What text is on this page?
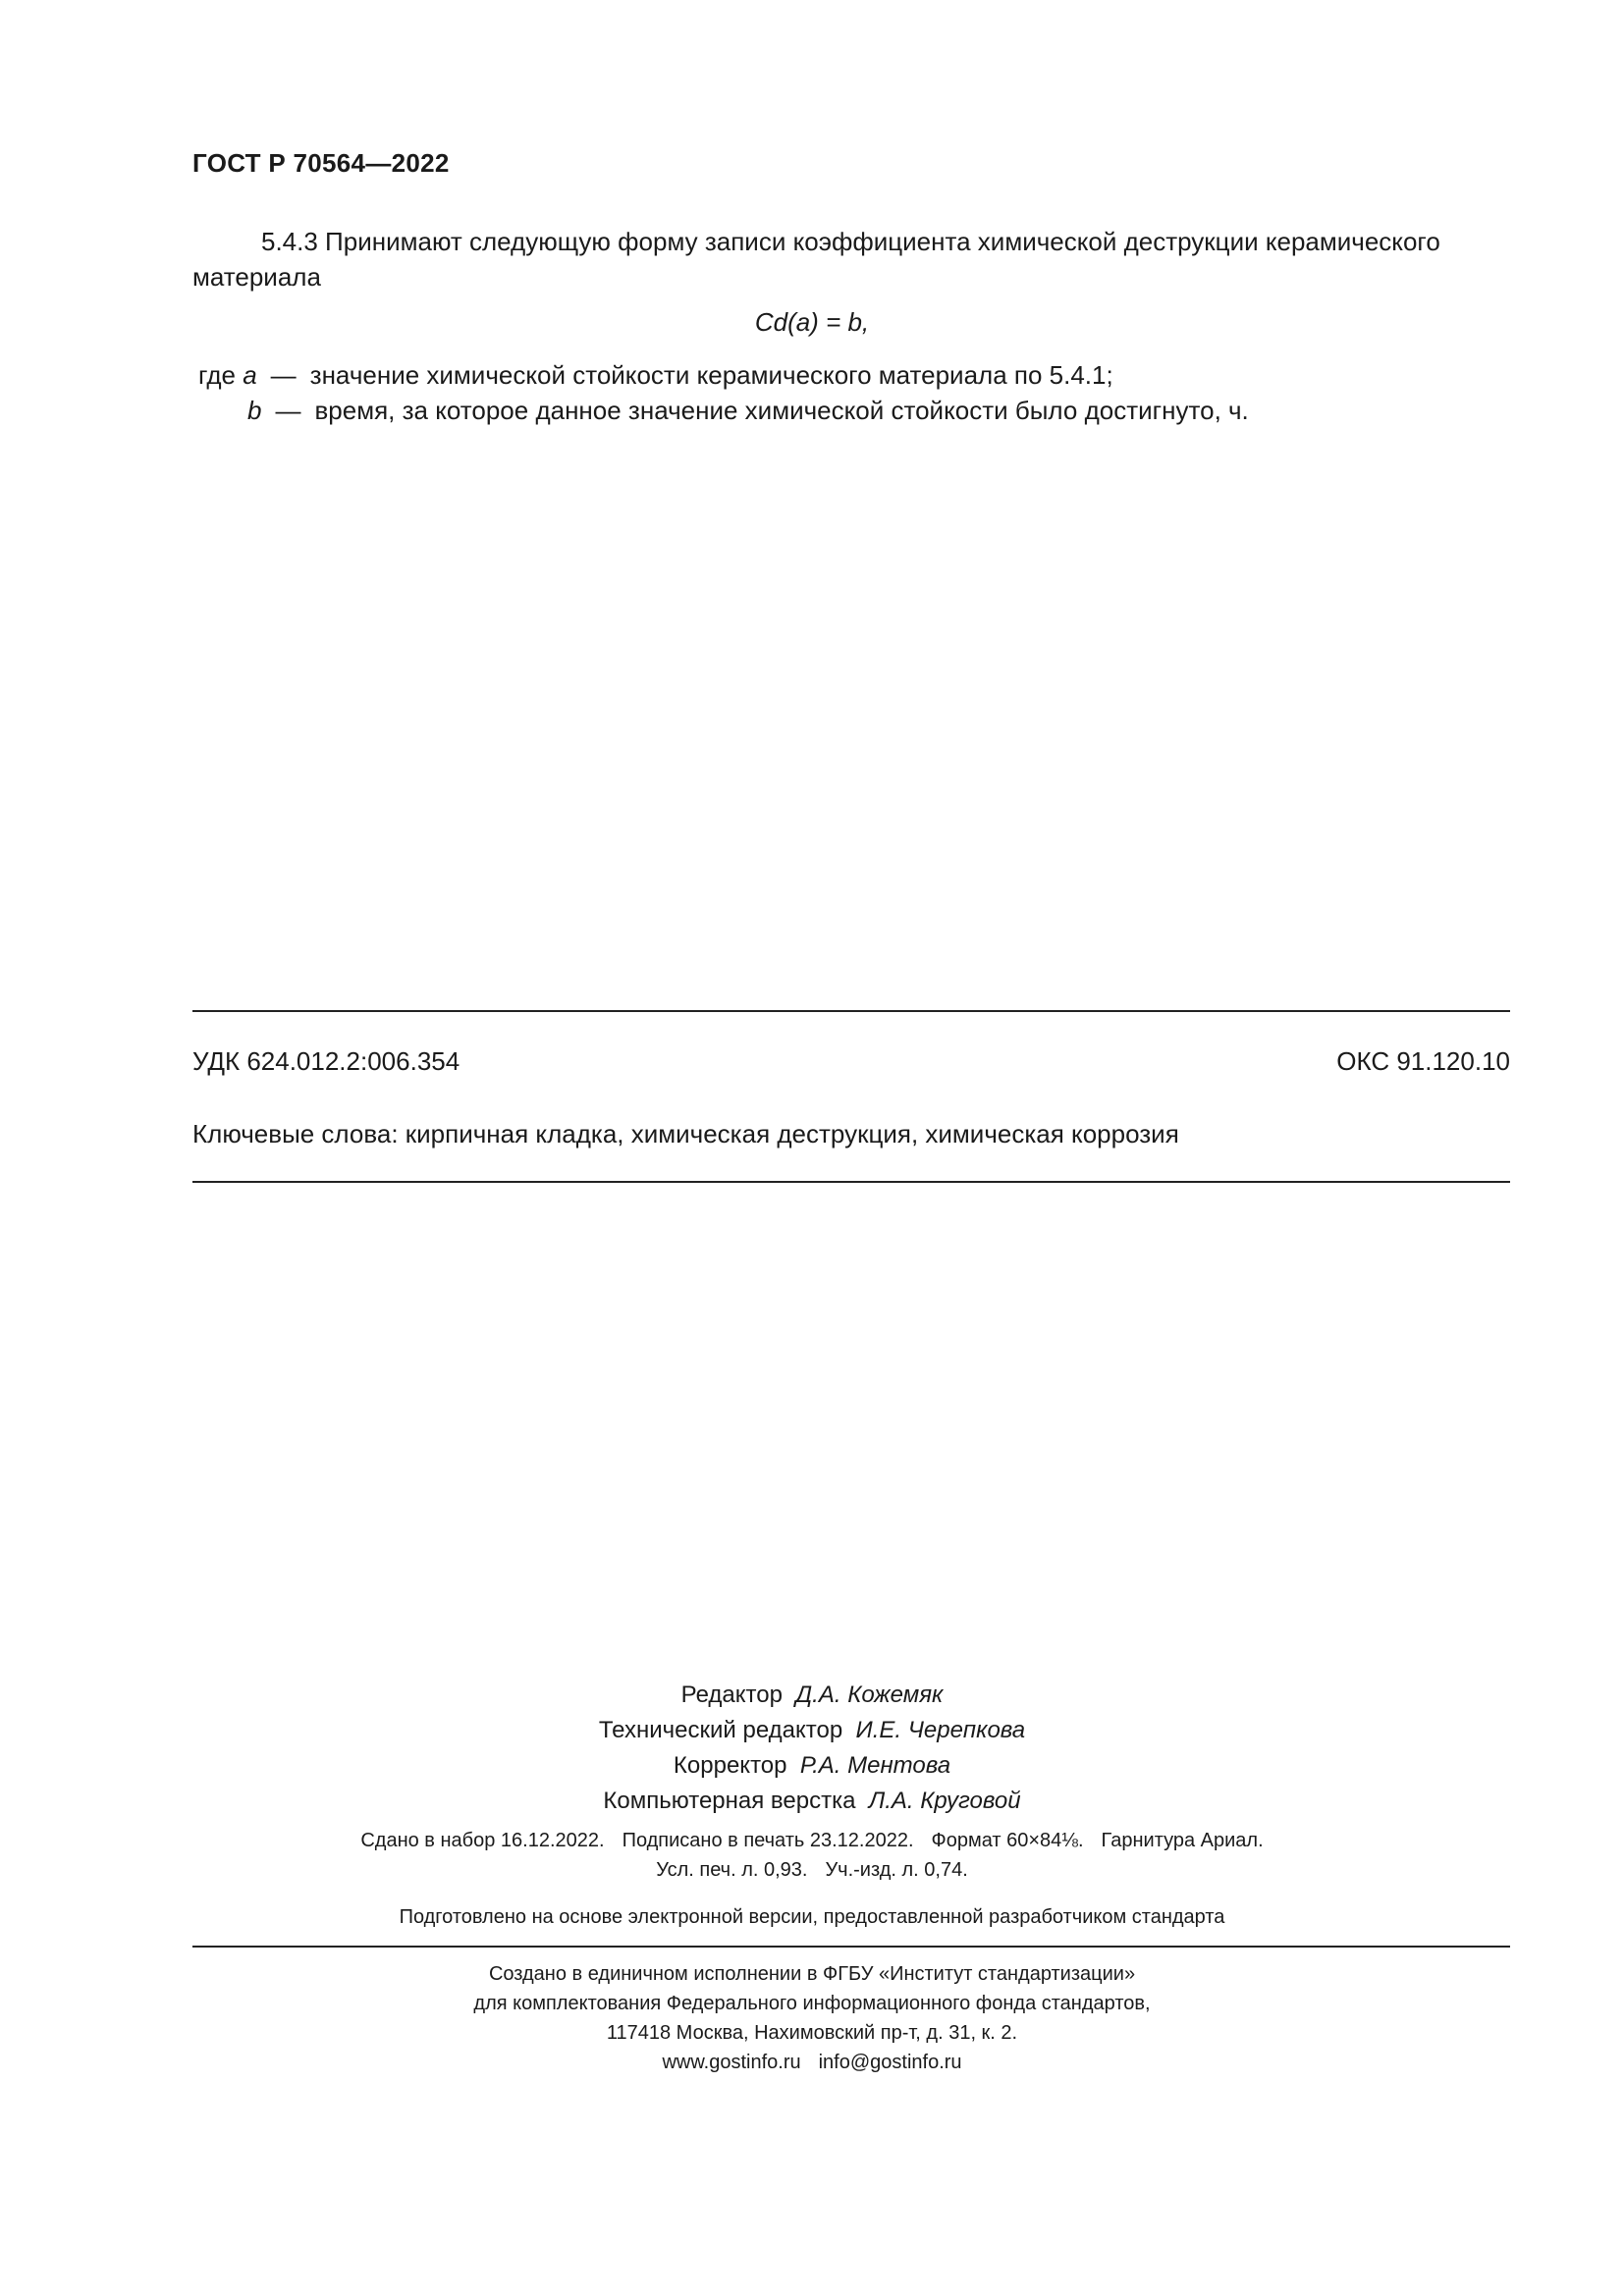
ГОСТ Р 70564—2022
5.4.3 Принимают следующую форму записи коэффициента химической деструкции керамического материала
Cd(a) = b,
где a — значение химической стойкости керамического материала по 5.4.1;
b — время, за которое данное значение химической стойкости было достигнуто, ч.
УДК 624.012.2:006.354	ОКС 91.120.10
Ключевые слова: кирпичная кладка, химическая деструкция, химическая коррозия
Редактор Д.А. Кожемяк
Технический редактор И.Е. Черепкова
Корректор Р.А. Ментова
Компьютерная верстка Л.А. Круговой
Сдано в набор 16.12.2022. Подписано в печать 23.12.2022. Формат 60×84⅛. Гарнитура Ариал.
Усл. печ. л. 0,93. Уч.-изд. л. 0,74.
Подготовлено на основе электронной версии, предоставленной разработчиком стандарта
Создано в единичном исполнении в ФГБУ «Институт стандартизации»
для комплектования Федерального информационного фонда стандартов,
117418 Москва, Нахимовский пр-т, д. 31, к. 2.
www.gostinfo.ru info@gostinfo.ru
